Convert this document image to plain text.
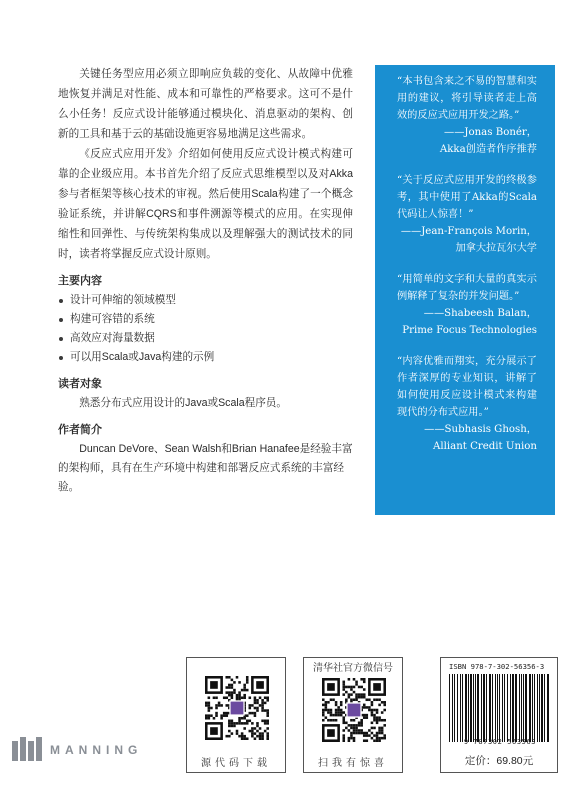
关键任务型应用必须立即响应负载的变化、从故障中优雅地恢复并满足对性能、成本和可靠性的严格要求。这可不是什么小任务！反应式设计能够通过模块化、消息驱动的架构、创新的工具和基于云的基础设施更容易地满足这些需求。

《反应式应用开发》介绍如何使用反应式设计模式构建可靠的企业级应用。本书首先介绍了反应式思维模型以及对Akka参与者框架等核心技术的审视。然后使用Scala构建了一个概念验证系统，并讲解CQRS和事件溯源等模式的应用。在实现伸缩性和回弹性、与传统架构集成以及理解强大的测试技术的同时，读者将掌握反应式设计原则。

主要内容
设计可伸缩的领域模型
构建可容错的系统
高效应对海量数据
可以用Scala或Java构建的示例
读者对象

熟悉分布式应用设计的Java或Scala程序员。

作者简介

Duncan DeVore、Sean Walsh和Brian Hanafee是经验丰富的架构师，具有在生产环境中构建和部署反应式系统的丰富经验。

“本书包含来之不易的智慧和实用的建议，将引导读者走上高效的反应式应用开发之路。”

——Jonas Bonér，
Akka创造者作序推荐

“关于反应式应用开发的终极参考，其中使用了Akka的Scala代码让人惊喜！”

——Jean-François Morin，
加拿大拉瓦尔大学

“用简单的文字和大量的真实示例解释了复杂的并发问题。”

——Shabeesh Balan，
Prime Focus Technologies

“内容优雅而翔实，充分展示了作者深厚的专业知识，讲解了如何使用反应设计模式来构建现代的分布式应用。”

——Subhasis Ghosh，
Alliant Credit Union
MANNING
源代码下载
清华社官方微信号
扫我有惊喜
ISBN 978-7-302-56356-3
9 787302 563563
定价：69.80元
